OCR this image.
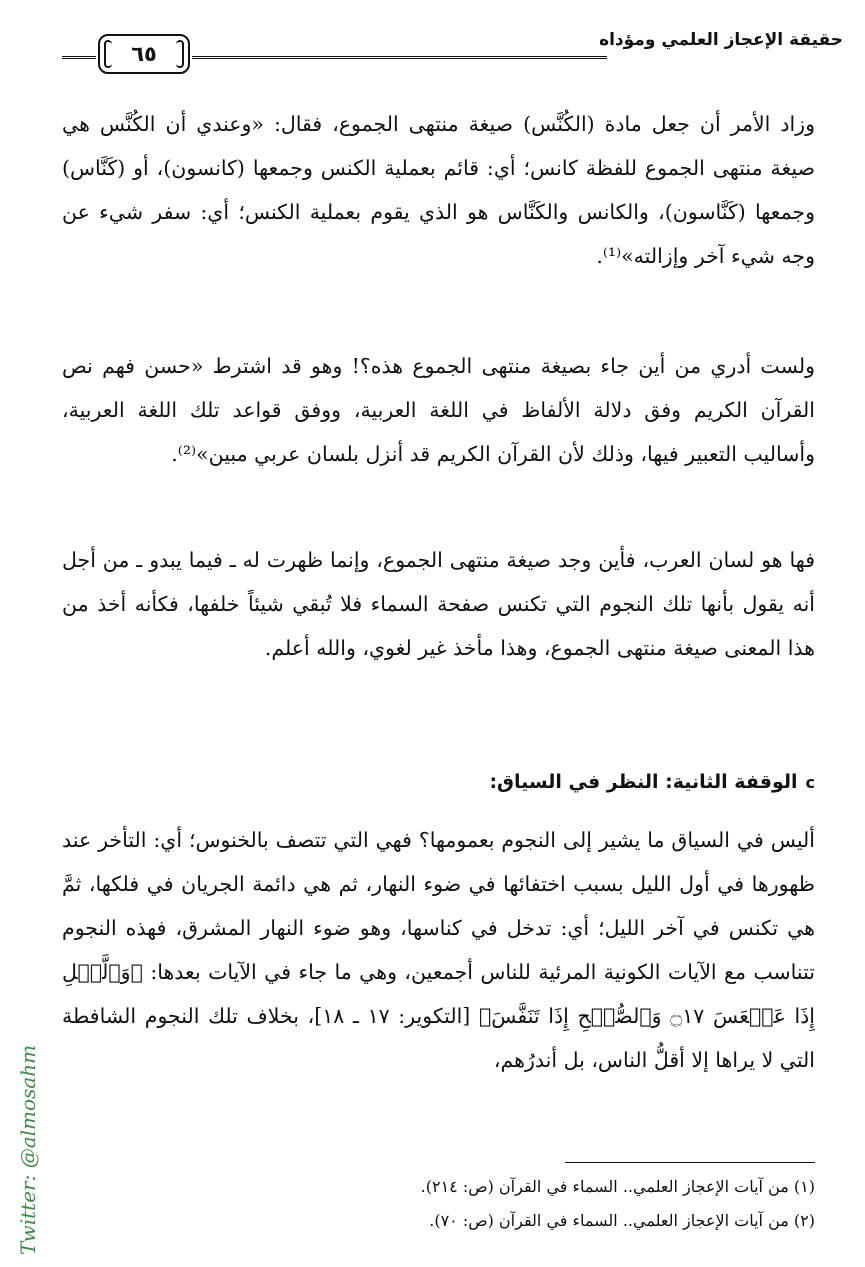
حقيقة الإعجاز العلمي ومؤداه
٦٥

وزاد الأمر أن جعل مادة (الكُنَّس) صيغة منتهى الجموع، فقال: «وعندي أن الكُنَّس هي صيغة منتهى الجموع للفظة كانس؛ أي: قائم بعملية الكنس وجمعها (كانسون)، أو (كَنَّاس) وجمعها (كَنَّاسون)، والكانس والكَنَّاس هو الذي يقوم بعملية الكنس؛ أي: سفر شيء عن وجه شيء آخر وإزالته»⁽¹⁾.

ولست أدري من أين جاء بصيغة منتهى الجموع هذه؟! وهو قد اشترط «حسن فهم نص القرآن الكريم وفق دلالة الألفاظ في اللغة العربية، ووفق قواعد تلك اللغة العربية، وأساليب التعبير فيها، وذلك لأن القرآن الكريم قد أنزل بلسان عربي مبين»⁽²⁾.

فها هو لسان العرب، فأين وجد صيغة منتهى الجموع، وإنما ظهرت له ـ فيما يبدو ـ من أجل أنه يقول بأنها تلك النجوم التي تكنس صفحة السماء فلا تُبقي شيئاً خلفها، فكأنه أخذ من هذا المعنى صيغة منتهى الجموع، وهذا مأخذ غير لغوي، والله أعلم.

c
الوقفة الثانية: النظر في السياق:

أليس في السياق ما يشير إلى النجوم بعمومها؟ فهي التي تتصف بالخنوس؛ أي: التأخر عند ظهورها في أول الليل بسبب اختفائها في ضوء النهار، ثم هي دائمة الجريان في فلكها، ثمَّ هي تكنس في آخر الليل؛ أي: تدخل في كناسها، وهو ضوء النهار المشرق، فهذه النجوم تتناسب مع الآيات الكونية المرئية للناس أجمعين، وهي ما جاء في الآيات بعدها: ﴿وَٱلَّيۡلِ إِذَا عَسۡعَسَ ۝١٧ وَٱلصُّبۡحِ إِذَا تَنَفَّسَ﴾ [التكوير: ١٧ ـ ١٨]، بخلاف تلك النجوم الشافطة التي لا يراها إلا أقلُّ الناس، بل أندرُهم،

(١) من آيات الإعجاز العلمي.. السماء في القرآن (ص: ٢١٤).
(٢) من آيات الإعجاز العلمي.. السماء في القرآن (ص: ٧٠).
Twitter: @almosahm
